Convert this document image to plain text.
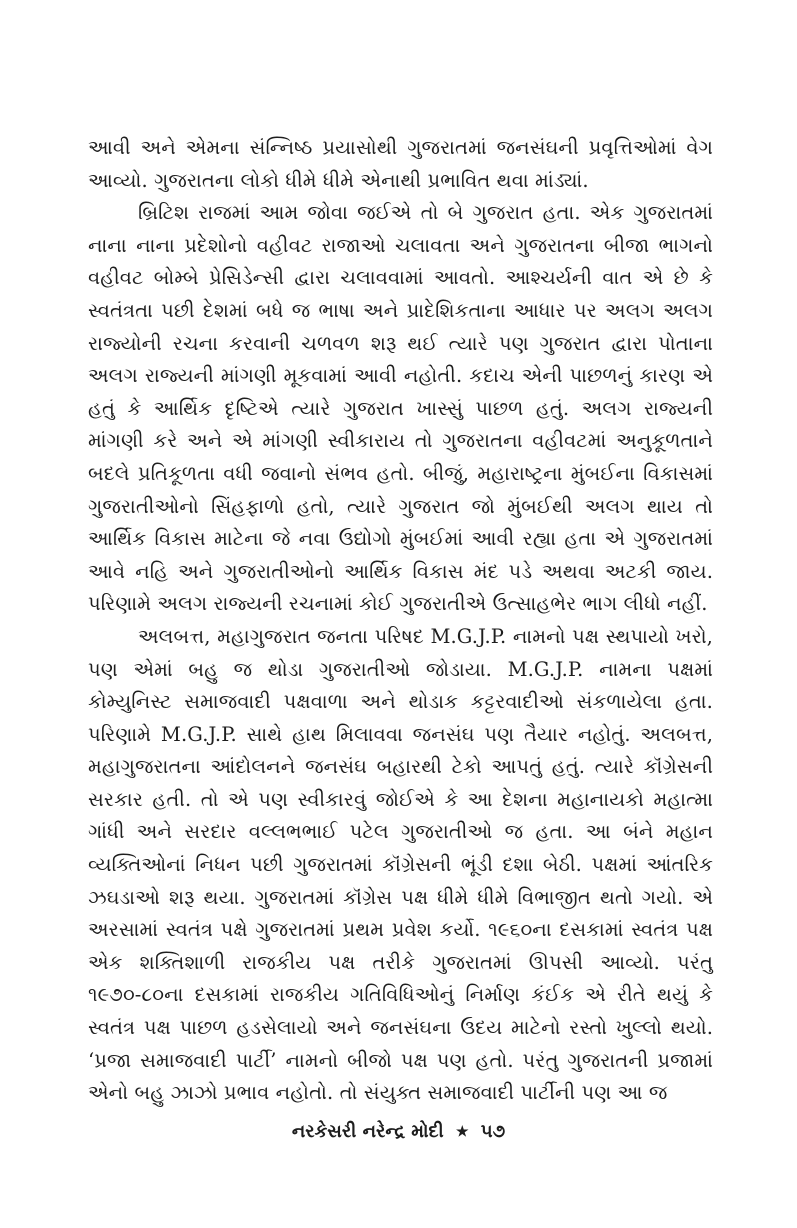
આવી અને એમના સંન્નિષ્ઠ પ્રયાસોથી ગુજરાતમાં જનસંઘની પ્રવૃત્તિઓમાં વેગ આવ્યો. ગુજરાતના લોકો ધીમે ધીમે એનાથી પ્રભાવિત થવા માંડ્યાં.

બ્રિટિશ રાજમાં આમ જોવા જઈએ તો બે ગુજરાત હતા. એક ગુજરાતમાં નાના નાના પ્રદેશોનો વહીવટ રાજાઓ ચલાવતા અને ગુજરાતના બીજા ભાગનો વહીવટ બોમ્બે પ્રેસિડેન્સી દ્વારા ચલાવવામાં આવતો. આશ્ચર્યની વાત એ છે કે સ્વતંત્રતા પછી દેશમાં બધે જ ભાષા અને પ્રાદેશિકતાના આધાર પર અલગ અલગ રાજ્યોની રચના કરવાની ચળવળ શરૂ થઈ ત્યારે પણ ગુજરાત દ્વારા પોતાના અલગ રાજ્યની માંગણી મૂકવામાં આવી નહોતી. કદાચ એની પાછળનું કારણ એ હતું કે આર્થિક દૃષ્ટિએ ત્યારે ગુજરાત ખાસ્સું પાછળ હતું. અલગ રાજ્યની માંગણી કરે અને એ માંગણી સ્વીકારાય તો ગુજરાતના વહીવટમાં અનુકૂળતાને બદલે પ્રતિકૂળતા વધી જવાનો સંભવ હતો. બીજું, મહારાષ્ટ્રના મુંબઈના વિકાસમાં ગુજરાતીઓનો સિંહફાળો હતો, ત્યારે ગુજરાત જો મુંબઈથી અલગ થાય તો આર્થિક વિકાસ માટેના જે નવા ઉદ્યોગો મુંબઈમાં આવી રહ્યા હતા એ ગુજરાતમાં આવે નહિ અને ગુજરાતીઓનો આર્થિક વિકાસ મંદ પડે અથવા અટકી જાય. પરિણામે અલગ રાજ્યની રચનામાં કોઈ ગુજરાતીએ ઉત્સાહભેર ભાગ લીધો નહીં.

અલબત્ત, મહાગુજરાત જનતા પરિષદ M.G.J.P. નામનો પક્ષ સ્થપાયો ખરો, પણ એમાં બહુ જ થોડા ગુજરાતીઓ જોડાયા. M.G.J.P. નામના પક્ષમાં કોમ્યુનિસ્ટ સમાજવાદી પક્ષવાળા અને થોડાક કટ્ટરવાદીઓ સંકળાયેલા હતા. પરિણામે M.G.J.P. સાથે હાથ મિલાવવા જનસંઘ પણ તૈયાર નહોતું. અલબત્ત, મહાગુજરાતના આંદોલનને જનસંઘ બહારથી ટેકો આપતું હતું. ત્યારે કૉંગ્રેસની સરકાર હતી. તો એ પણ સ્વીકારવું જોઈએ કે આ દેશના મહાનાયકો મહાત્મા ગાંધી અને સરદાર વલ્લભભાઈ પટેલ ગુજરાતીઓ જ હતા. આ બંને મહાન વ્યક્તિઓનાં નિધન પછી ગુજરાતમાં કૉંગ્રેસની ભૂંડી દશા બેઠી. પક્ષમાં આંતરિક ઝઘડાઓ શરૂ થયા. ગુજરાતમાં કૉંગ્રેસ પક્ષ ધીમે ધીમે વિભાજીત થતો ગયો. એ અરસામાં સ્વતંત્ર પક્ષે ગુજરાતમાં પ્રથમ પ્રવેશ કર્યો. ૧૯૬૦ના દસકામાં સ્વતંત્ર પક્ષ એક શક્તિશાળી રાજકીય પક્ષ તરીકે ગુજરાતમાં ઊપસી આવ્યો. પરંતુ ૧૯૭૦-૮૦ના દસકામાં રાજકીય ગતિવિધિઓનું નિર્માણ કંઈક એ રીતે થયું કે સ્વતંત્ર પક્ષ પાછળ હડસેલાયો અને જનસંઘના ઉદય માટેનો રસ્તો ખુલ્લો થયો. ‘પ્રજા સમાજવાદી પાર્ટી’ નામનો બીજો પક્ષ પણ હતો. પરંતુ ગુજરાતની પ્રજામાં એનો બહુ ઝાઝો પ્રભાવ નહોતો. તો સંયુક્ત સમાજવાદી પાર્ટીની પણ આ જ

નરકેસરી નરેન્દ્ર મોદી ★ ૫૭
